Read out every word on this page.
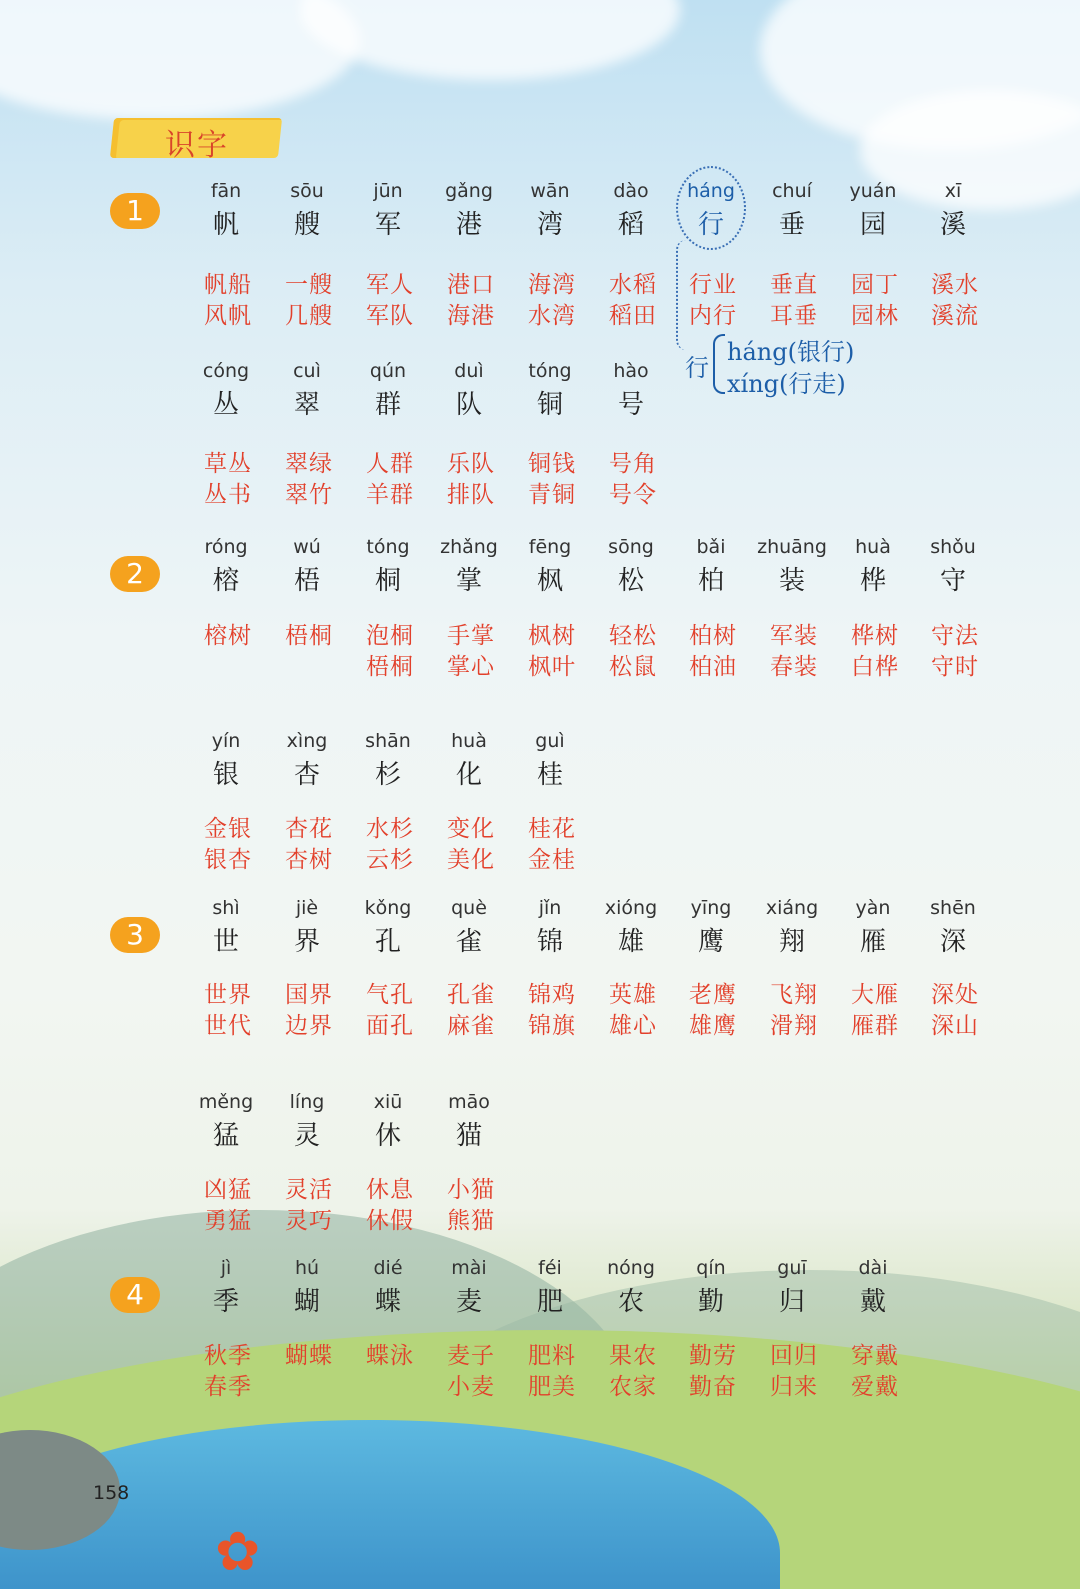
✿
识字
1
fān
帆
帆船
风帆
sōu
艘
一艘
几艘
jūn
军
军人
军队
gǎng
港
港口
海港
wān
湾
海湾
水湾
dào
稻
水稻
稻田
háng
行
行业
内行
chuí
垂
垂直
耳垂
yuán
园
园丁
园林
xī
溪
溪水
溪流
cóng
丛
草丛
丛书
cuì
翠
翠绿
翠竹
qún
群
人群
羊群
duì
队
乐队
排队
tóng
铜
铜钱
青铜
hào
号
号角
号令
行
háng(银行)
xíng(行走)
2
róng
榕
榕树

wú
梧
梧桐

tóng
桐
泡桐
梧桐
zhǎng
掌
手掌
掌心
fēng
枫
枫树
枫叶
sōng
松
轻松
松鼠
bǎi
柏
柏树
柏油
zhuāng
装
军装
春装
huà
桦
桦树
白桦
shǒu
守
守法
守时
yín
银
金银
银杏
xìng
杏
杏花
杏树
shān
杉
水杉
云杉
huà
化
变化
美化
guì
桂
桂花
金桂
3
shì
世
世界
世代
jiè
界
国界
边界
kǒng
孔
气孔
面孔
què
雀
孔雀
麻雀
jǐn
锦
锦鸡
锦旗
xióng
雄
英雄
雄心
yīng
鹰
老鹰
雄鹰
xiáng
翔
飞翔
滑翔
yàn
雁
大雁
雁群
shēn
深
深处
深山
měng
猛
凶猛
勇猛
líng
灵
灵活
灵巧
xiū
休
休息
休假
māo
猫
小猫
熊猫
4
jì
季
秋季
春季
hú
蝴
蝴蝶

dié
蝶
蝶泳

mài
麦
麦子
小麦
féi
肥
肥料
肥美
nóng
农
果农
农家
qín
勤
勤劳
勤奋
guī
归
回归
归来
dài
戴
穿戴
爱戴
158
